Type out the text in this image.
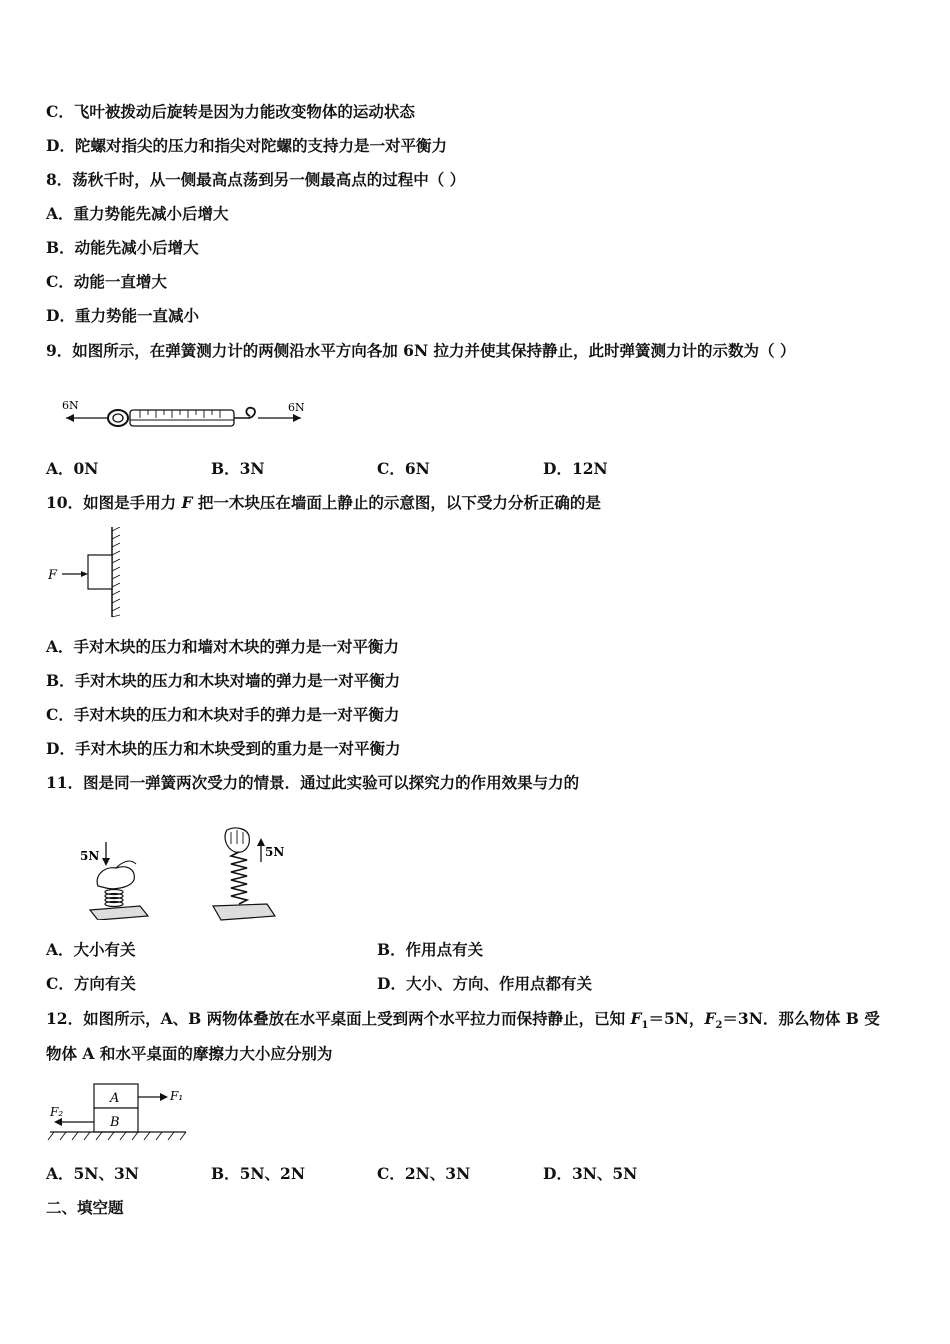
C．飞叶被拨动后旋转是因为力能改变物体的运动状态
D．陀螺对指尖的压力和指尖对陀螺的支持力是一对平衡力
8．荡秋千时，从一侧最高点荡到另一侧最高点的过程中（ ）
A．重力势能先减小后增大
B．动能先减小后增大
C．动能一直增大
D．重力势能一直减小
9．如图所示，在弹簧测力计的两侧沿水平方向各加 6N 拉力并使其保持静止，此时弹簧测力计的示数为（ ）
6N	6N
A．0N	B．3N	C．6N	D．12N
10．如图是手用力 F 把一木块压在墙面上静止的示意图，以下受力分析正确的是
F
A．手对木块的压力和墙对木块的弹力是一对平衡力
B．手对木块的压力和木块对墙的弹力是一对平衡力
C．手对木块的压力和木块对手的弹力是一对平衡力
D．手对木块的压力和木块受到的重力是一对平衡力
11．图是同一弹簧两次受力的情景．通过此实验可以探究力的作用效果与力的
5N	5N
A．大小有关	B．作用点有关
C．方向有关	D．大小、方向、作用点都有关
12．如图所示，A、B 两物体叠放在水平桌面上受到两个水平拉力而保持静止，已知 $F_1=5N$，$F_2=3N$．那么物体 B 受
物体 A 和水平桌面的摩擦力大小应分别为
A
B
F₁
F₂
A．5N、3N	B．5N、2N	C．2N、3N	D．3N、5N
二、填空题
